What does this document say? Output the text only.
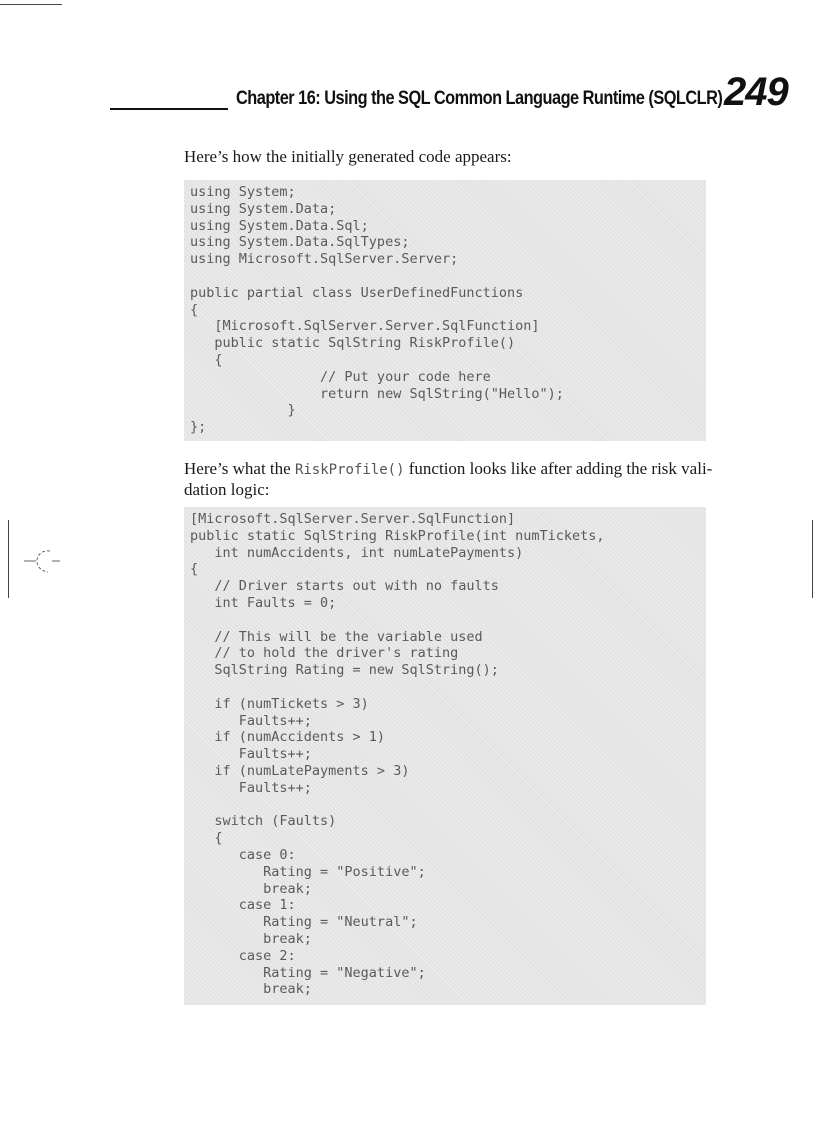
Chapter 16: Using the SQL Common Language Runtime (SQLCLR) 249

Here’s how the initially generated code appears:

using System;
using System.Data;
using System.Data.Sql;
using System.Data.SqlTypes;
using Microsoft.SqlServer.Server;
public partial class UserDefinedFunctions
{
[Microsoft.SqlServer.Server.SqlFunction]
public static SqlString RiskProfile()
{
// Put your code here
return new SqlString("Hello");
}
};

Here’s what the RiskProfile() function looks like after adding the risk vali-dation logic:

[Microsoft.SqlServer.Server.SqlFunction]
public static SqlString RiskProfile(int numTickets,
int numAccidents, int numLatePayments)
{
// Driver starts out with no faults
int Faults = 0;
// This will be the variable used
// to hold the driver's rating
SqlString Rating = new SqlString();
if (numTickets > 3)
Faults++;
if (numAccidents > 1)
Faults++;
if (numLatePayments > 3)
Faults++;
switch (Faults)
{
case 0:
Rating = "Positive";
break;
case 1:
Rating = "Neutral";
break;
case 2:
Rating = "Negative";
break;
